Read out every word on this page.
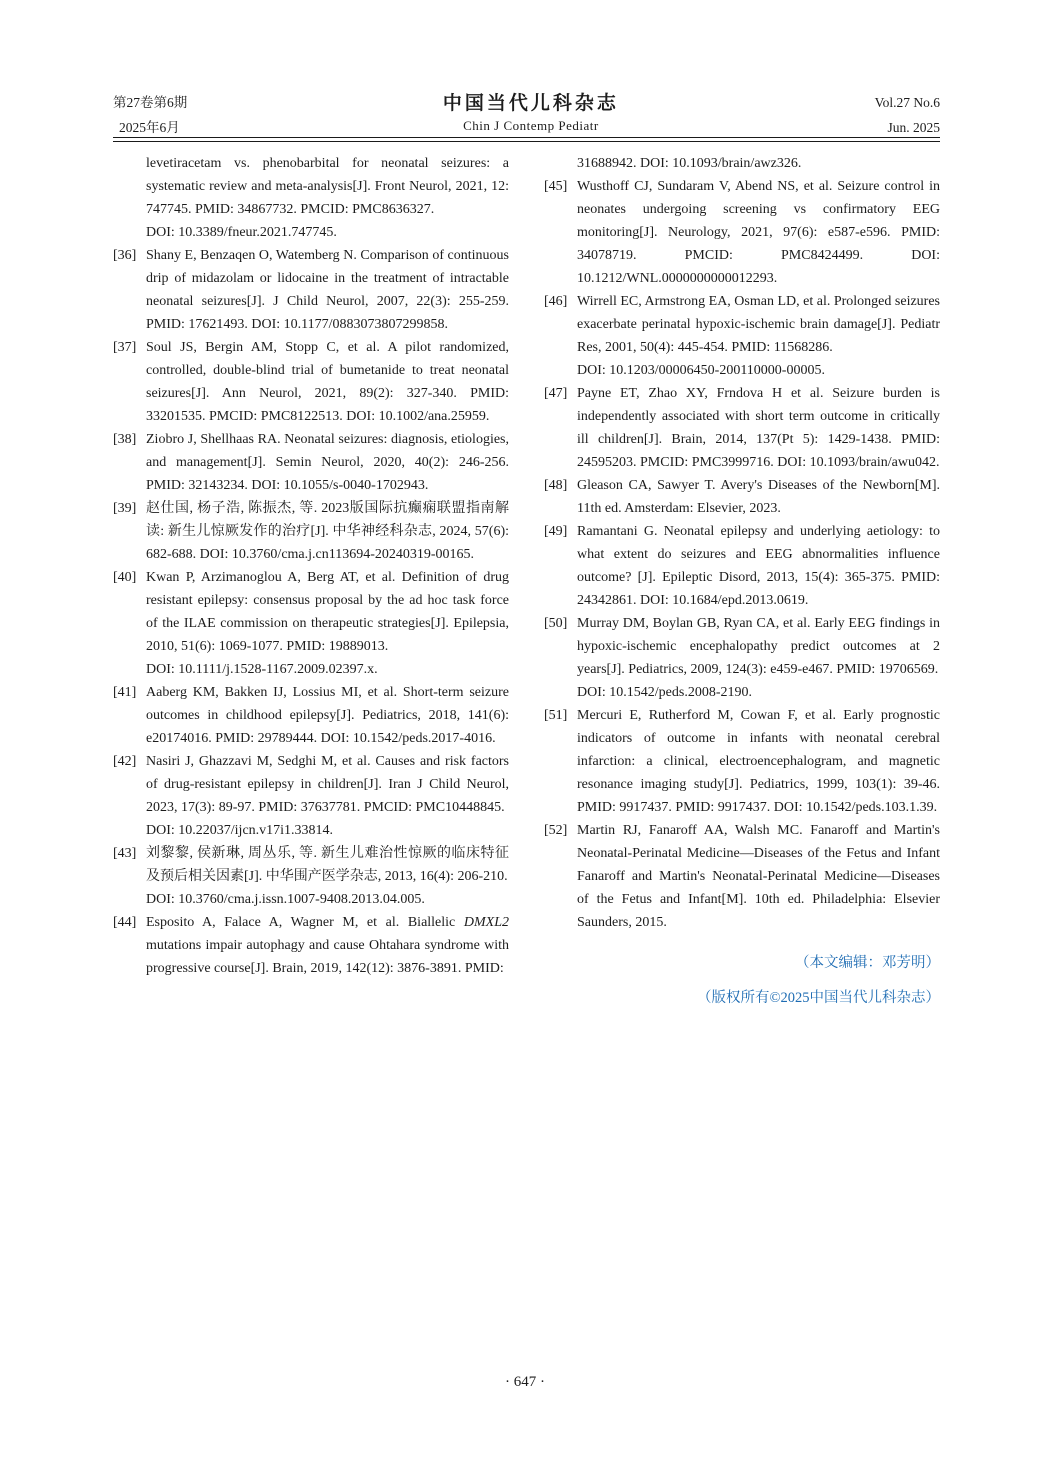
第27卷第6期
2025年6月
中国当代儿科杂志
Chin J Contemp Pediatr
Vol.27 No.6
Jun. 2025
levetiracetam vs. phenobarbital for neonatal seizures: a systematic review and meta-analysis[J]. Front Neurol, 2021, 12: 747745. PMID: 34867732. PMCID: PMC8636327.
DOI: 10.3389/fneur.2021.747745.
[36] Shany E, Benzaqen O, Watemberg N. Comparison of continuous drip of midazolam or lidocaine in the treatment of intractable neonatal seizures[J]. J Child Neurol, 2007, 22(3): 255-259. PMID: 17621493. DOI: 10.1177/0883073807299858.
[37] Soul JS, Bergin AM, Stopp C, et al. A pilot randomized, controlled, double-blind trial of bumetanide to treat neonatal seizures[J]. Ann Neurol, 2021, 89(2): 327-340. PMID: 33201535. PMCID: PMC8122513. DOI: 10.1002/ana.25959.
[38] Ziobro J, Shellhaas RA. Neonatal seizures: diagnosis, etiologies, and management[J]. Semin Neurol, 2020, 40(2): 246-256. PMID: 32143234. DOI: 10.1055/s-0040-1702943.
[39] 赵仕国, 杨子浩, 陈振杰, 等. 2023版国际抗癫痫联盟指南解读: 新生儿惊厥发作的治疗[J]. 中华神经科杂志, 2024, 57(6): 682-688. DOI: 10.3760/cma.j.cn113694-20240319-00165.
[40] Kwan P, Arzimanoglou A, Berg AT, et al. Definition of drug resistant epilepsy: consensus proposal by the ad hoc task force of the ILAE commission on therapeutic strategies[J]. Epilepsia, 2010, 51(6): 1069-1077. PMID: 19889013.
DOI: 10.1111/j.1528-1167.2009.02397.x.
[41] Aaberg KM, Bakken IJ, Lossius MI, et al. Short-term seizure outcomes in childhood epilepsy[J]. Pediatrics, 2018, 141(6): e20174016. PMID: 29789444. DOI: 10.1542/peds.2017-4016.
[42] Nasiri J, Ghazzavi M, Sedghi M, et al. Causes and risk factors of drug-resistant epilepsy in children[J]. Iran J Child Neurol, 2023, 17(3): 89-97. PMID: 37637781. PMCID: PMC10448845.
DOI: 10.22037/ijcn.v17i1.33814.
[43] 刘黎黎, 侯新琳, 周丛乐, 等. 新生儿难治性惊厥的临床特征及预后相关因素[J]. 中华围产医学杂志, 2013, 16(4): 206-210.
DOI: 10.3760/cma.j.issn.1007-9408.2013.04.005.
[44] Esposito A, Falace A, Wagner M, et al. Biallelic DMXL2 mutations impair autophagy and cause Ohtahara syndrome with progressive course[J]. Brain, 2019, 142(12): 3876-3891. PMID:
31688942. DOI: 10.1093/brain/awz326.
[45] Wusthoff CJ, Sundaram V, Abend NS, et al. Seizure control in neonates undergoing screening vs confirmatory EEG monitoring[J]. Neurology, 2021, 97(6): e587-e596. PMID: 34078719. PMCID: PMC8424499. DOI: 10.1212/WNL.0000000000012293.
[46] Wirrell EC, Armstrong EA, Osman LD, et al. Prolonged seizures exacerbate perinatal hypoxic-ischemic brain damage[J]. Pediatr Res, 2001, 50(4): 445-454. PMID: 11568286.
DOI: 10.1203/00006450-200110000-00005.
[47] Payne ET, Zhao XY, Frndova H et al. Seizure burden is independently associated with short term outcome in critically ill children[J]. Brain, 2014, 137(Pt 5): 1429-1438. PMID: 24595203. PMCID: PMC3999716. DOI: 10.1093/brain/awu042.
[48] Gleason CA, Sawyer T. Avery's Diseases of the Newborn[M]. 11th ed. Amsterdam: Elsevier, 2023.
[49] Ramantani G. Neonatal epilepsy and underlying aetiology: to what extent do seizures and EEG abnormalities influence outcome? [J]. Epileptic Disord, 2013, 15(4): 365-375. PMID: 24342861. DOI: 10.1684/epd.2013.0619.
[50] Murray DM, Boylan GB, Ryan CA, et al. Early EEG findings in hypoxic-ischemic encephalopathy predict outcomes at 2 years[J]. Pediatrics, 2009, 124(3): e459-e467. PMID: 19706569.
DOI: 10.1542/peds.2008-2190.
[51] Mercuri E, Rutherford M, Cowan F, et al. Early prognostic indicators of outcome in infants with neonatal cerebral infarction: a clinical, electroencephalogram, and magnetic resonance imaging study[J]. Pediatrics, 1999, 103(1): 39-46. PMID: 9917437. PMID: 9917437. DOI: 10.1542/peds.103.1.39.
[52] Martin RJ, Fanaroff AA, Walsh MC. Fanaroff and Martin's Neonatal-Perinatal Medicine—Diseases of the Fetus and Infant Fanaroff and Martin's Neonatal-Perinatal Medicine—Diseases of the Fetus and Infant[M]. 10th ed. Philadelphia: Elsevier Saunders, 2015.
（本文编辑：邓芳明）
（版权所有©2025中国当代儿科杂志）
· 647 ·
